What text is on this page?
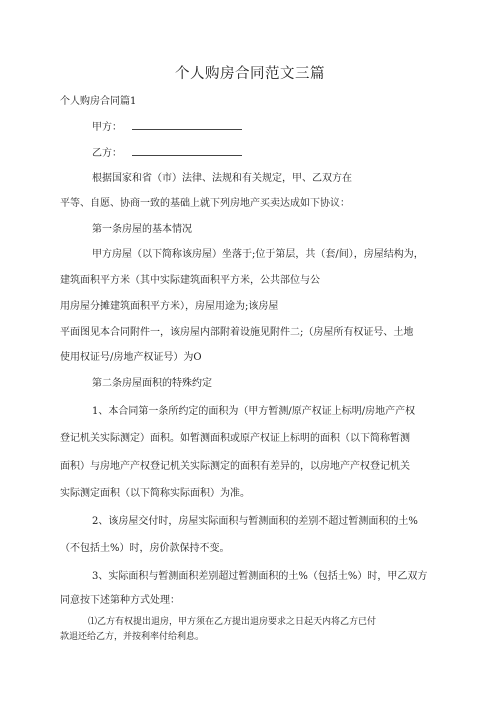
个人购房合同范文三篇
个人购房合同篇1
甲方：
乙方：
根据国家和省（市）法律、法规和有关规定，甲、乙双方在
平等、自愿、协商一致的基础上就下列房地产买卖达成如下协议：
第一条房屋的基本情况
甲方房屋（以下简称该房屋）坐落于;位于第层，共（套/间），房屋结构为，
建筑面积平方米（其中实际建筑面积平方米，公共部位与公
用房屋分摊建筑面积平方米），房屋用途为;该房屋
平面图见本合同附件一，该房屋内部附着设施见附件二;（房屋所有权证号、土地
使用权证号/房地产权证号）为O
第二条房屋面积的特殊约定
1、本合同第一条所约定的面积为（甲方暂测/原产权证上标明/房地产产权
登记机关实际测定）面积。如暂测面积或原产权证上标明的面积（以下简称暂测
面积）与房地产产权登记机关实际测定的面积有差异的，以房地产产权登记机关
实际测定面积（以下简称实际面积）为准。
2、该房屋交付时，房屋实际面积与暂测面积的差别不超过暂测面积的土%
（不包括土%）时，房价款保持不变。
3、实际面积与暂测面积差别超过暂测面积的土%（包括土%）时，甲乙双方
同意按下述第种方式处理：
⑴乙方有权提出退房，甲方须在乙方提出退房要求之日起天内将乙方已付
款退还给乙方，并按利率付给利息。
